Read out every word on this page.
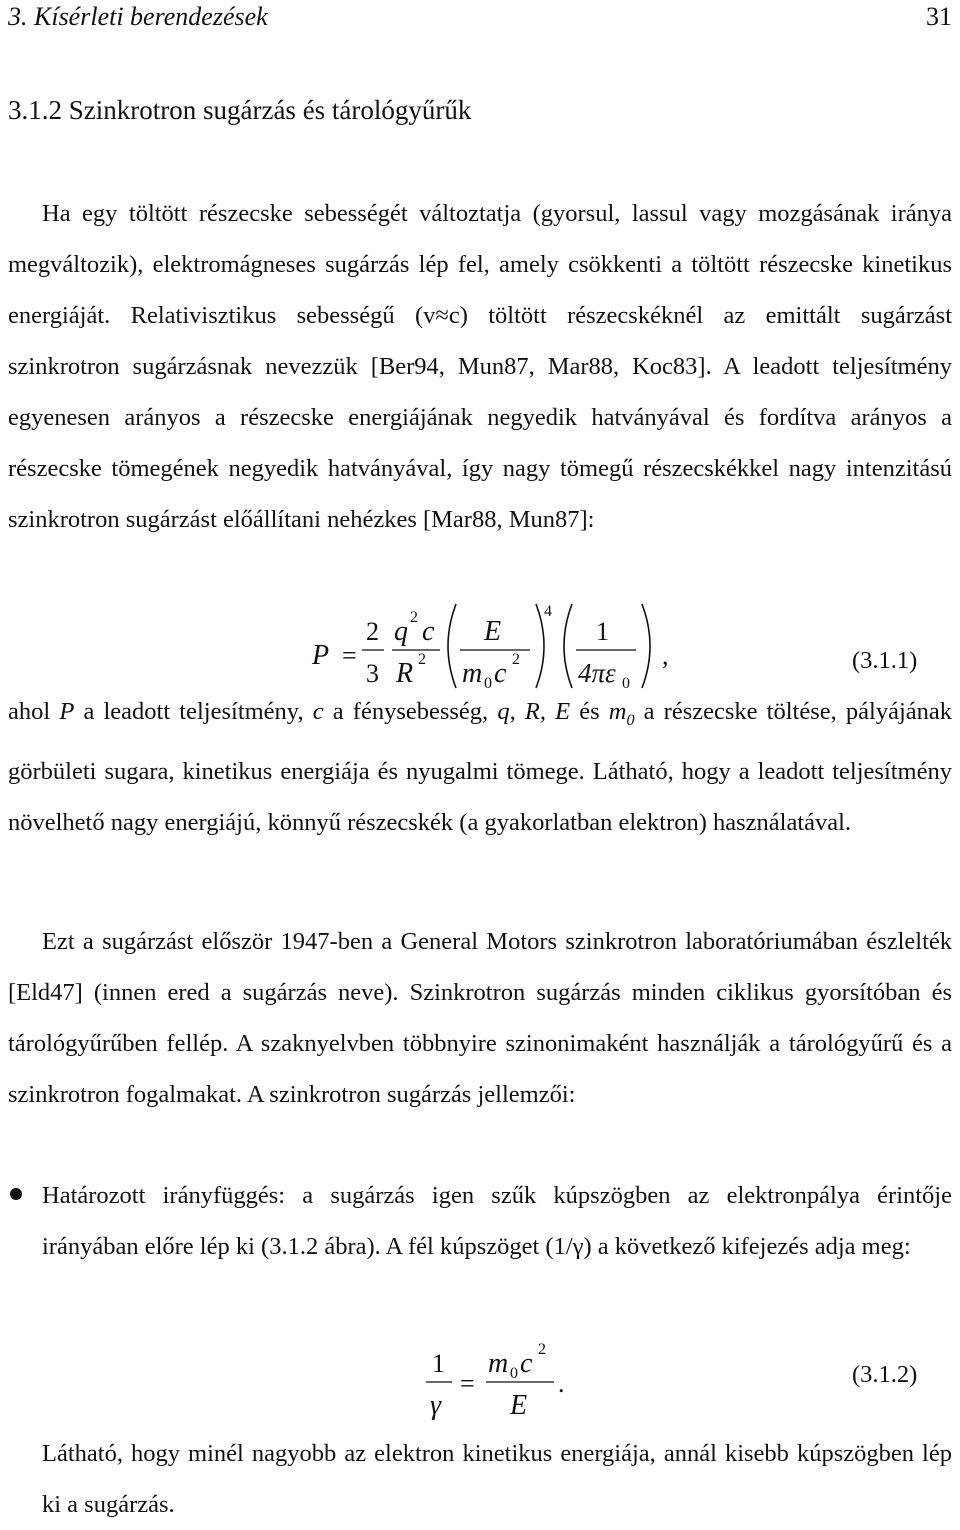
3. Kísérleti berendezések	31
3.1.2 Szinkrotron sugárzás és tárológyűrűk

Ha egy töltött részecske sebességét változtatja (gyorsul, lassul vagy mozgásának iránya megváltozik), elektromágneses sugárzás lép fel, amely csökkenti a töltött részecske kinetikus energiáját. Relativisztikus sebességű (v≈c) töltött részecskéknél az emittált sugárzást szinkrotron sugárzásnak nevezzük [Ber94, Mun87, Mar88, Koc83]. A leadott teljesítmény egyenesen arányos a részecske energiájának negyedik hatványával és fordítva arányos a részecske tömegének negyedik hatványával, így nagy tömegű részecskékkel nagy intenzitású szinkrotron sugárzást előállítani nehézkes [Mar88, Mun87]:

P =
2
3
q 2 c
R 2
E
m 0 c 2
4
1
4πε 0
,	(3.1.1)

ahol P a leadott teljesítmény, c a fénysebesség, q, R, E és $m_0$ a részecske töltése, pályájának görbületi sugara, kinetikus energiája és nyugalmi tömege. Látható, hogy a leadott teljesítmény növelhető nagy energiájú, könnyű részecskék (a gyakorlatban elektron) használatával.

Ezt a sugárzást először 1947-ben a General Motors szinkrotron laboratóriumában észlelték [Eld47] (innen ered a sugárzás neve). Szinkrotron sugárzás minden ciklikus gyorsítóban és tárológyűrűben fellép. A szaknyelvben többnyire szinonimaként használják a tárológyűrű és a szinkrotron fogalmakat. A szinkrotron sugárzás jellemzői:

Határozott irányfüggés: a sugárzás igen szűk kúpszögben az elektronpálya érintője irányában előre lép ki (3.1.2 ábra). A fél kúpszöget (1/γ) a következő kifejezés adja meg:
1
γ
=
m 0 c 2
E
.	(3.1.2)

Látható, hogy minél nagyobb az elektron kinetikus energiája, annál kisebb kúpszögben lép ki a sugárzás.
